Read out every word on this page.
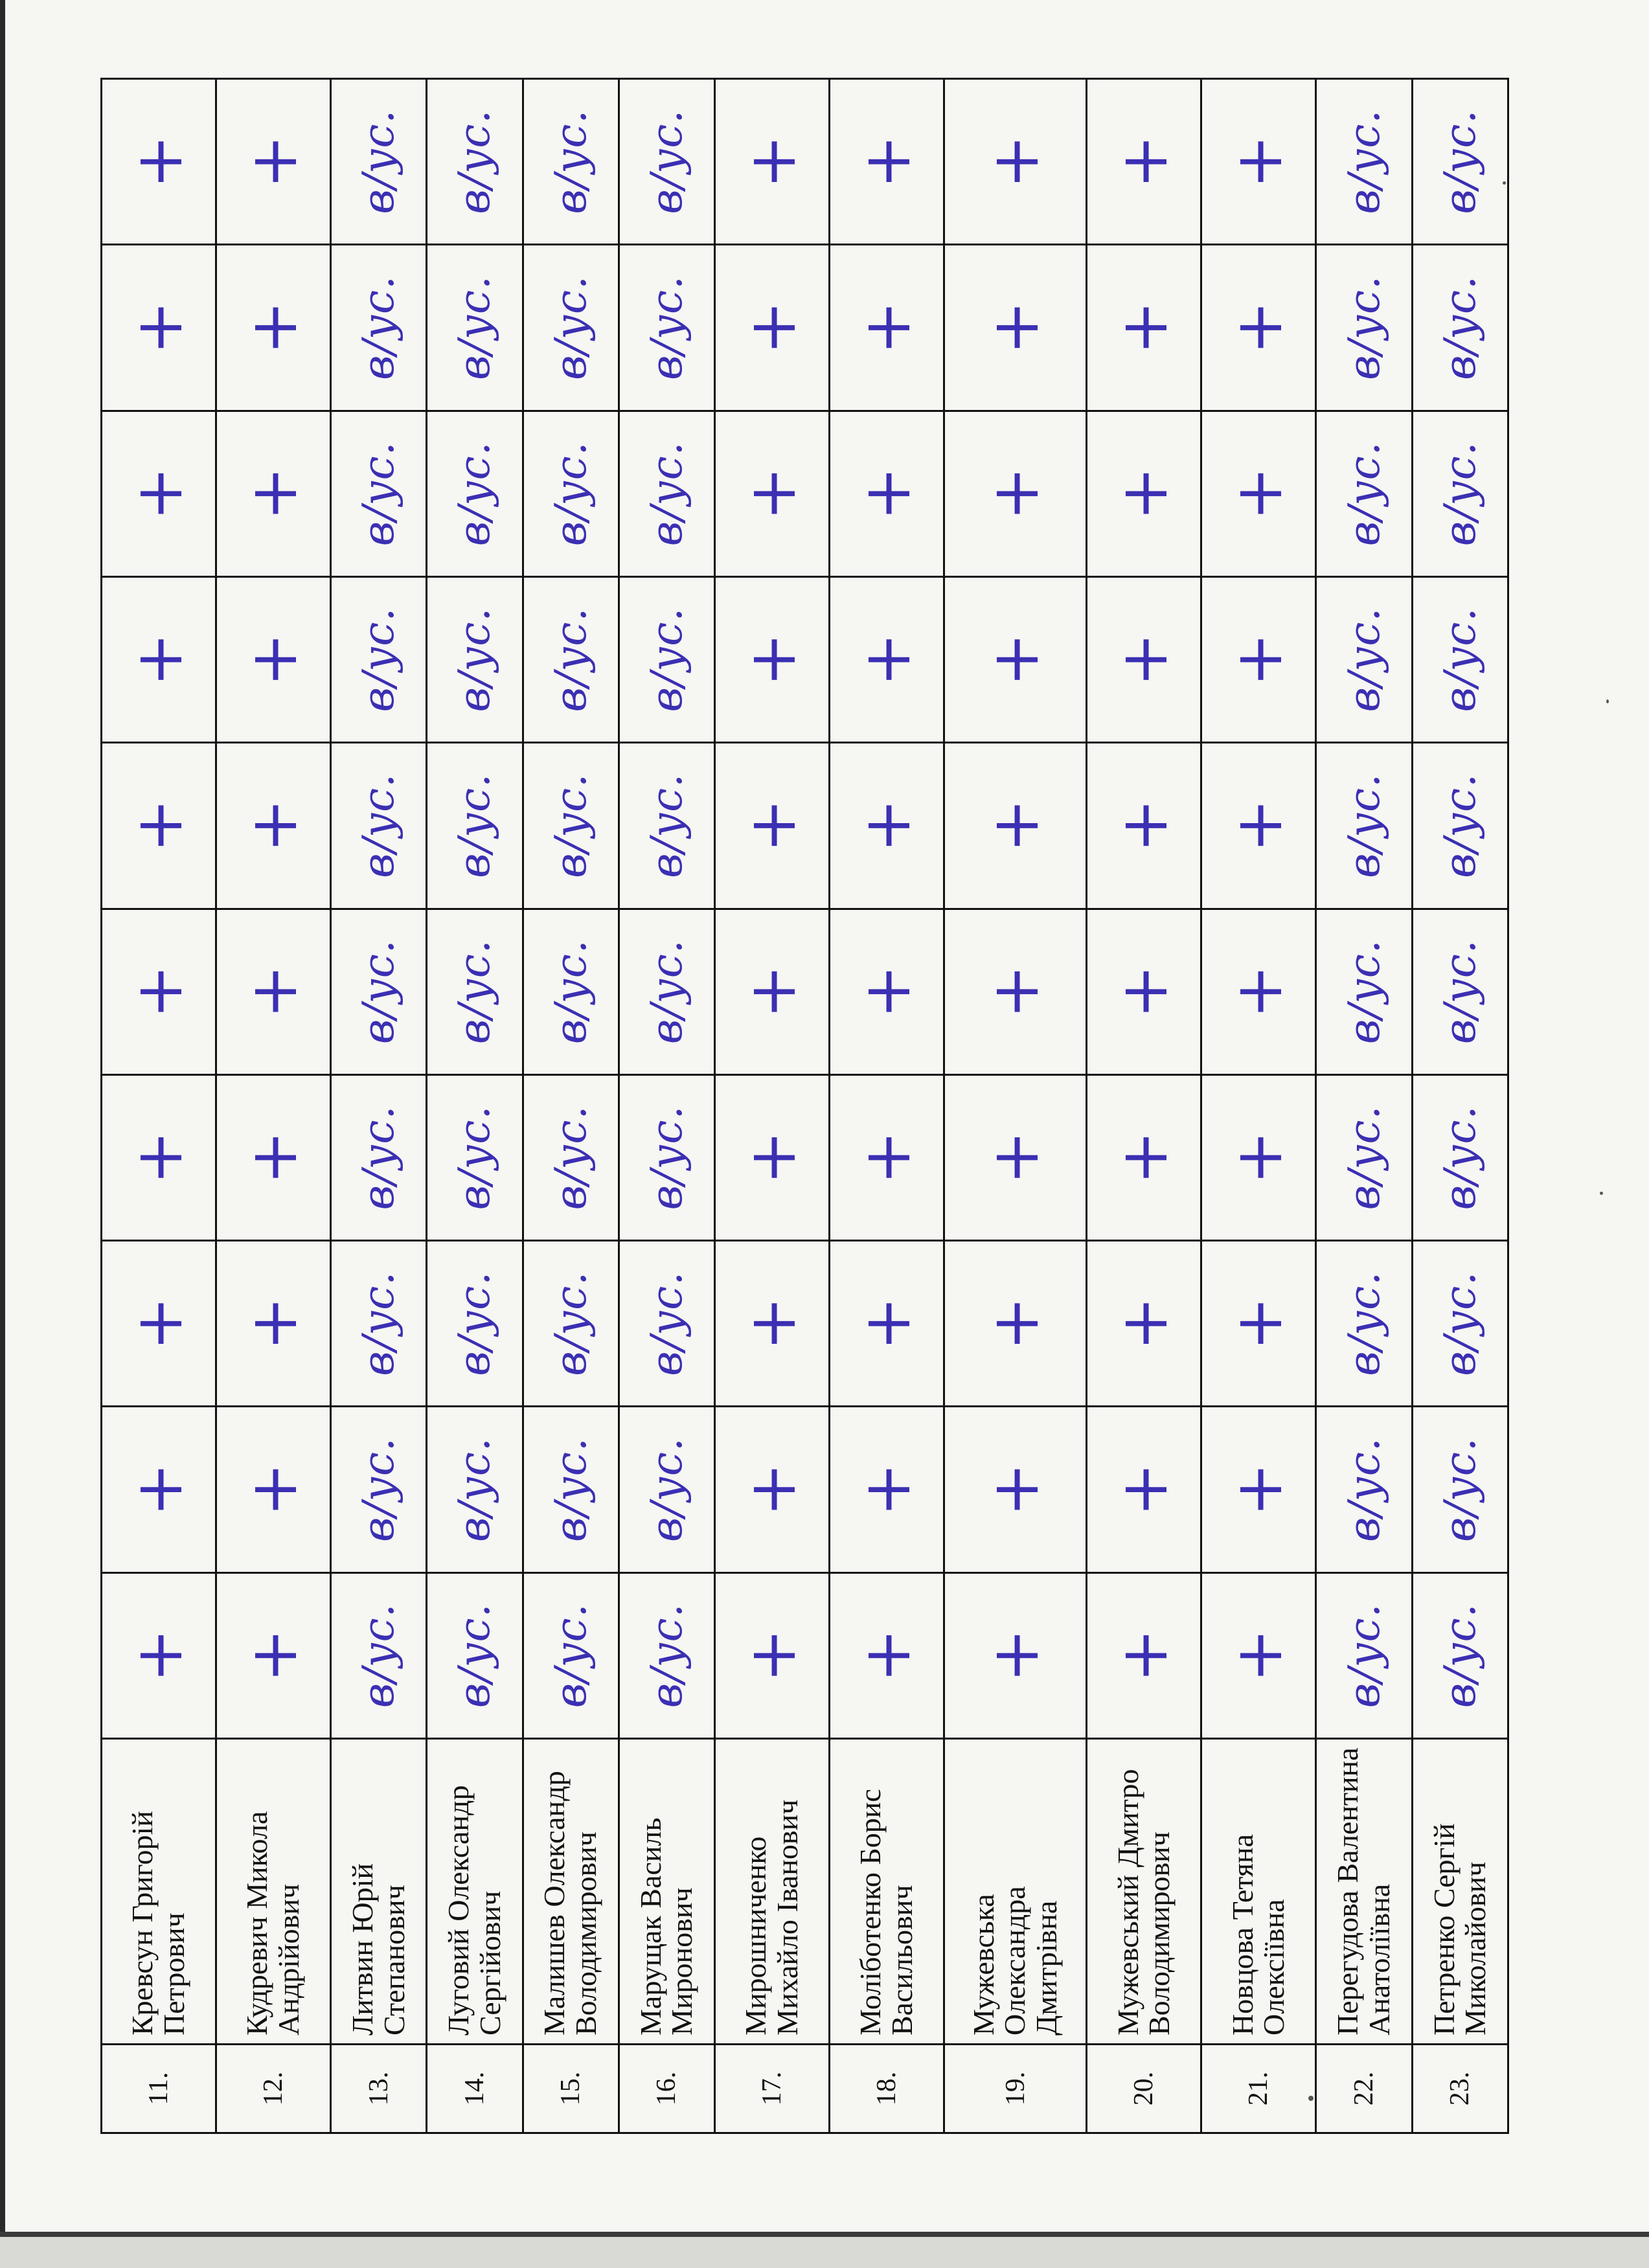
11.	Кревсун Григорій Петрович	+	+	+	+	+	+	+	+	+	+
12.	Кудревич Микола Андрійович	+	+	+	+	+	+	+	+	+	+
13.	Литвин Юрій Степанович	в/ус.	в/ус.	в/ус.	в/ус.	в/ус.	в/ус.	в/ус.	в/ус.	в/ус.	в/ус.
14.	Луговий Олександр Сергійович	в/ус.	в/ус.	в/ус.	в/ус.	в/ус.	в/ус.	в/ус.	в/ус.	в/ус.	в/ус.
15.	Малишев Олександр Володимирович	в/ус.	в/ус.	в/ус.	в/ус.	в/ус.	в/ус.	в/ус.	в/ус.	в/ус.	в/ус.
16.	Марущак Василь Миронович	в/ус.	в/ус.	в/ус.	в/ус.	в/ус.	в/ус.	в/ус.	в/ус.	в/ус.	в/ус.
17.	Мирошниченко Михайло Іванович	+	+	+	+	+	+	+	+	+	+
18.	Моліботенко Борис Васильович	+	+	+	+	+	+	+	+	+	+
19.	Мужевська Олександра Дмитрівна	+	+	+	+	+	+	+	+	+	+
20.	Мужевський Дмитро Володимирович	+	+	+	+	+	+	+	+	+	+
21.	Новцова Тетяна Олексіївна	+	+	+	+	+	+	+	+	+	+
22.	Перегудова Валентина Анатоліївна	в/ус.	в/ус.	в/ус.	в/ус.	в/ус.	в/ус.	в/ус.	в/ус.	в/ус.	в/ус.
23.	Петренко Сергій Миколайович	в/ус.	в/ус.	в/ус.	в/ус.	в/ус.	в/ус.	в/ус.	в/ус.	в/ус.	в/ус.
